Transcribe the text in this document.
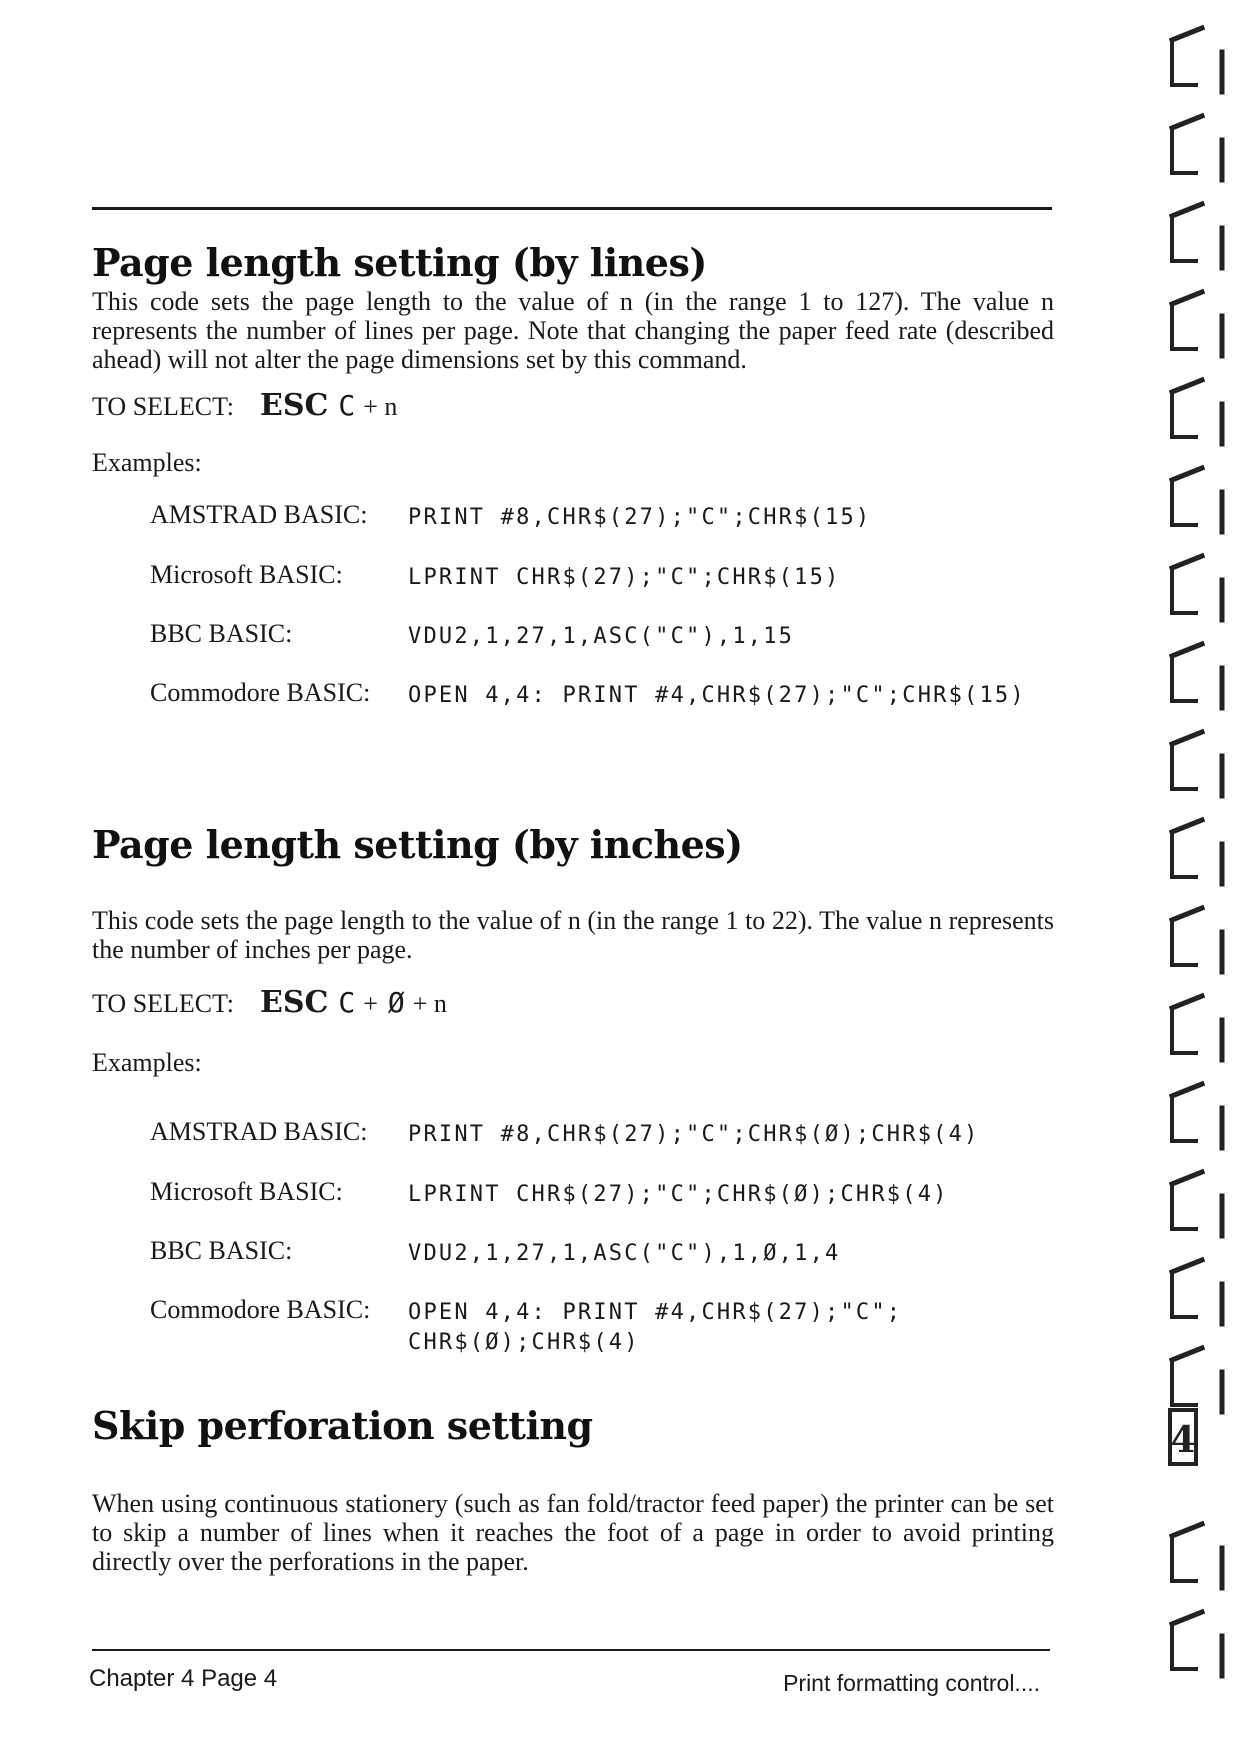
Page length setting (by lines)

This code sets the page length to the value of n (in the range 1 to 127). The value n represents the number of lines per page. Note that changing the paper feed rate (described ahead) will not alter the page dimensions set by this command.

TO SELECT: ESC C + n

Examples:

AMSTRAD BASIC: PRINT #8,CHR$(27);"C";CHR$(15)
Microsoft BASIC:	LPRINT CHR$(27);"C";CHR$(15)
BBC BASIC:	VDU2,1,27,1,ASC("C"),1,15
Commodore BASIC: OPEN 4,4: PRINT #4,CHR$(27);"C";CHR$(15)
Page length setting (by inches)

This code sets the page length to the value of n (in the range 1 to 22). The value n represents the number of inches per page.

TO SELECT: ESC C + Ø + n

Examples:

AMSTRAD BASIC: PRINT #8,CHR$(27);"C";CHR$(Ø);CHR$(4)
Microsoft BASIC:	LPRINT CHR$(27);"C";CHR$(Ø);CHR$(4)
BBC BASIC:	VDU2,1,27,1,ASC("C"),1,Ø,1,4
Commodore BASIC: OPEN 4,4: PRINT #4,CHR$(27);"C";
CHR$(Ø);CHR$(4)
Skip perforation setting

When using continuous stationery (such as fan fold/tractor feed paper) the printer can be set to skip a number of lines when it reaches the foot of a page in order to avoid printing directly over the perforations in the paper.

Chapter 4 Page 4	Print formatting control....

4
